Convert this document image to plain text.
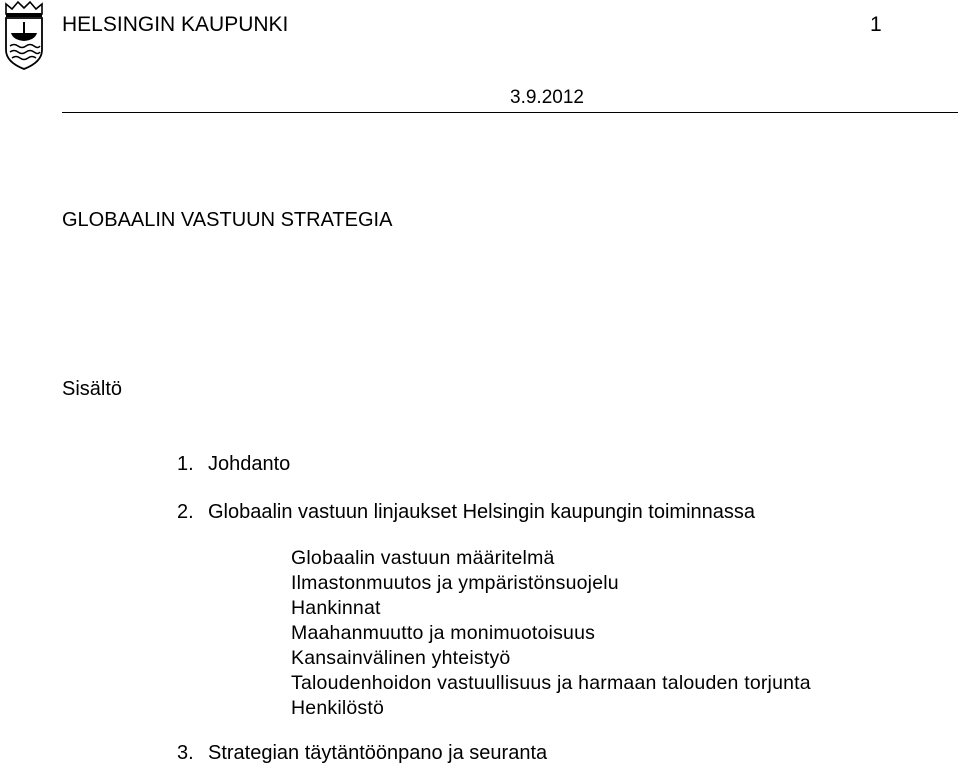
HELSINGIN KAUPUNKI	1
3.9.2012
GLOBAALIN VASTUUN STRATEGIA
Sisältö
1. Johdanto
2. Globaalin vastuun linjaukset Helsingin kaupungin toiminnassa
Globaalin vastuun määritelmä
Ilmastonmuutos ja ympäristönsuojelu
Hankinnat
Maahanmuutto ja monimuotoisuus
Kansainvälinen yhteistyö
Taloudenhoidon vastuullisuus ja harmaan talouden torjunta
Henkilöstö
3. Strategian täytäntöönpano ja seuranta
